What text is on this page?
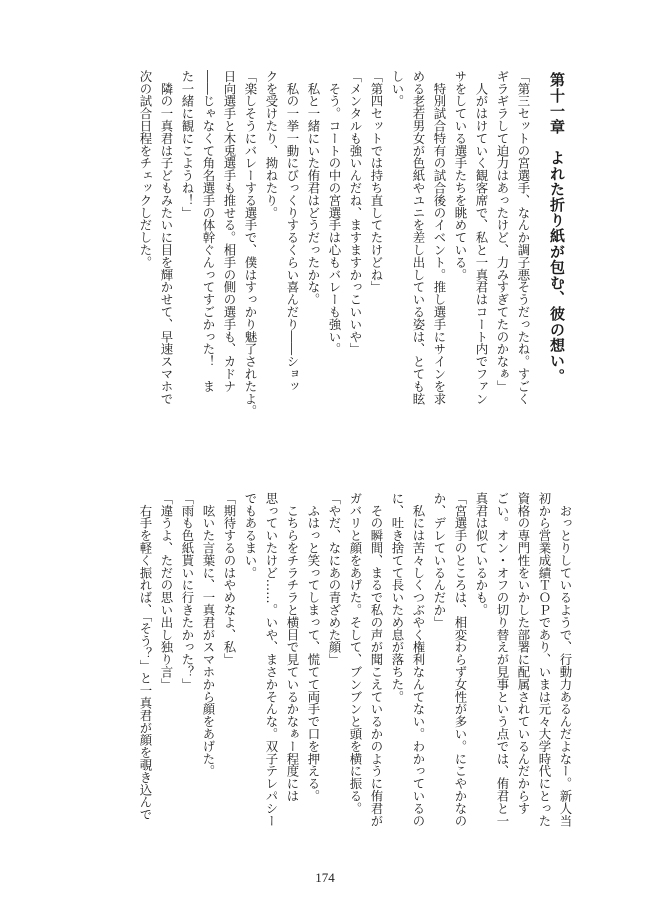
第十一章　よれた折り紙が包む、彼の想い。
「第三セットの宮選手、なんか調子悪そうだったね。すごく
ギラギラして迫力はあったけど、力みすぎてたのかなぁ」
　人がはけていく観客席で、私と一真君はコート内でファン
サをしている選手たちを眺めている。
　特別試合特有の試合後のイベント。推し選手にサインを求
める老若男女が色紙やユニを差し出している姿は、とても眩
しい。
「第四セットでは持ち直してたけどね」
「メンタルも強いんだね、ますますかっこいいや」
　そう。コートの中の宮選手は心もバレーも強い。
　私と一緒にいた侑君はどうだったかな。
　私の一挙一動にびっくりするくらい喜んだり――ショッ
クを受けたり、拗ねたり。
「楽しそうにバレーする選手で、僕はすっかり魅了されたよ。
日向選手と木兎選手も推せる。相手の側の選手も、カドナ
――じゃなくて角名選手の体幹ぐんってすごかった！　ま
た一緒に観にこようね！」
　隣の一真君は子どもみたいに目を輝かせて、早速スマホで
次の試合日程をチェックしだした。
　おっとりしているようで、行動力あるんだよなー。新人当
初から営業成績ＴＯＰであり、いまは元々大学時代にとった
資格の専門性をいかした部署に配属されているんだからす
ごい。オン・オフの切り替えが見事という点では、侑君と一
真君は似ているかも。
「宮選手のところは、相変わらず女性が多い。にこやかなの
か、デレているんだか」
　私には苦々しくつぶやく権利なんてない。わかっているの
に、吐き捨てて長いため息が落ちた。
　その瞬間、まるで私の声が聞こえているかのように侑君が
ガバリと顔をあげた。そして、ブンブンと頭を横に振る。
「やだ、なにあの青ざめた顔」
　ふはっと笑ってしまって、慌てて両手で口を押える。
　こちらをチラチラと横目で見ているかなぁー程度には
思っていたけど……。いや、まさかそんな。双子テレパシー
でもあるまい。
「期待するのはやめなよ、私」
　呟いた言葉に、一真君がスマホから顔をあげた。
「雨も色紙貰いに行きたかった？」
「違うよ、ただの思い出し独り言」
　右手を軽く振れば、「そう？」と一真君が顔を覗き込んで
174
